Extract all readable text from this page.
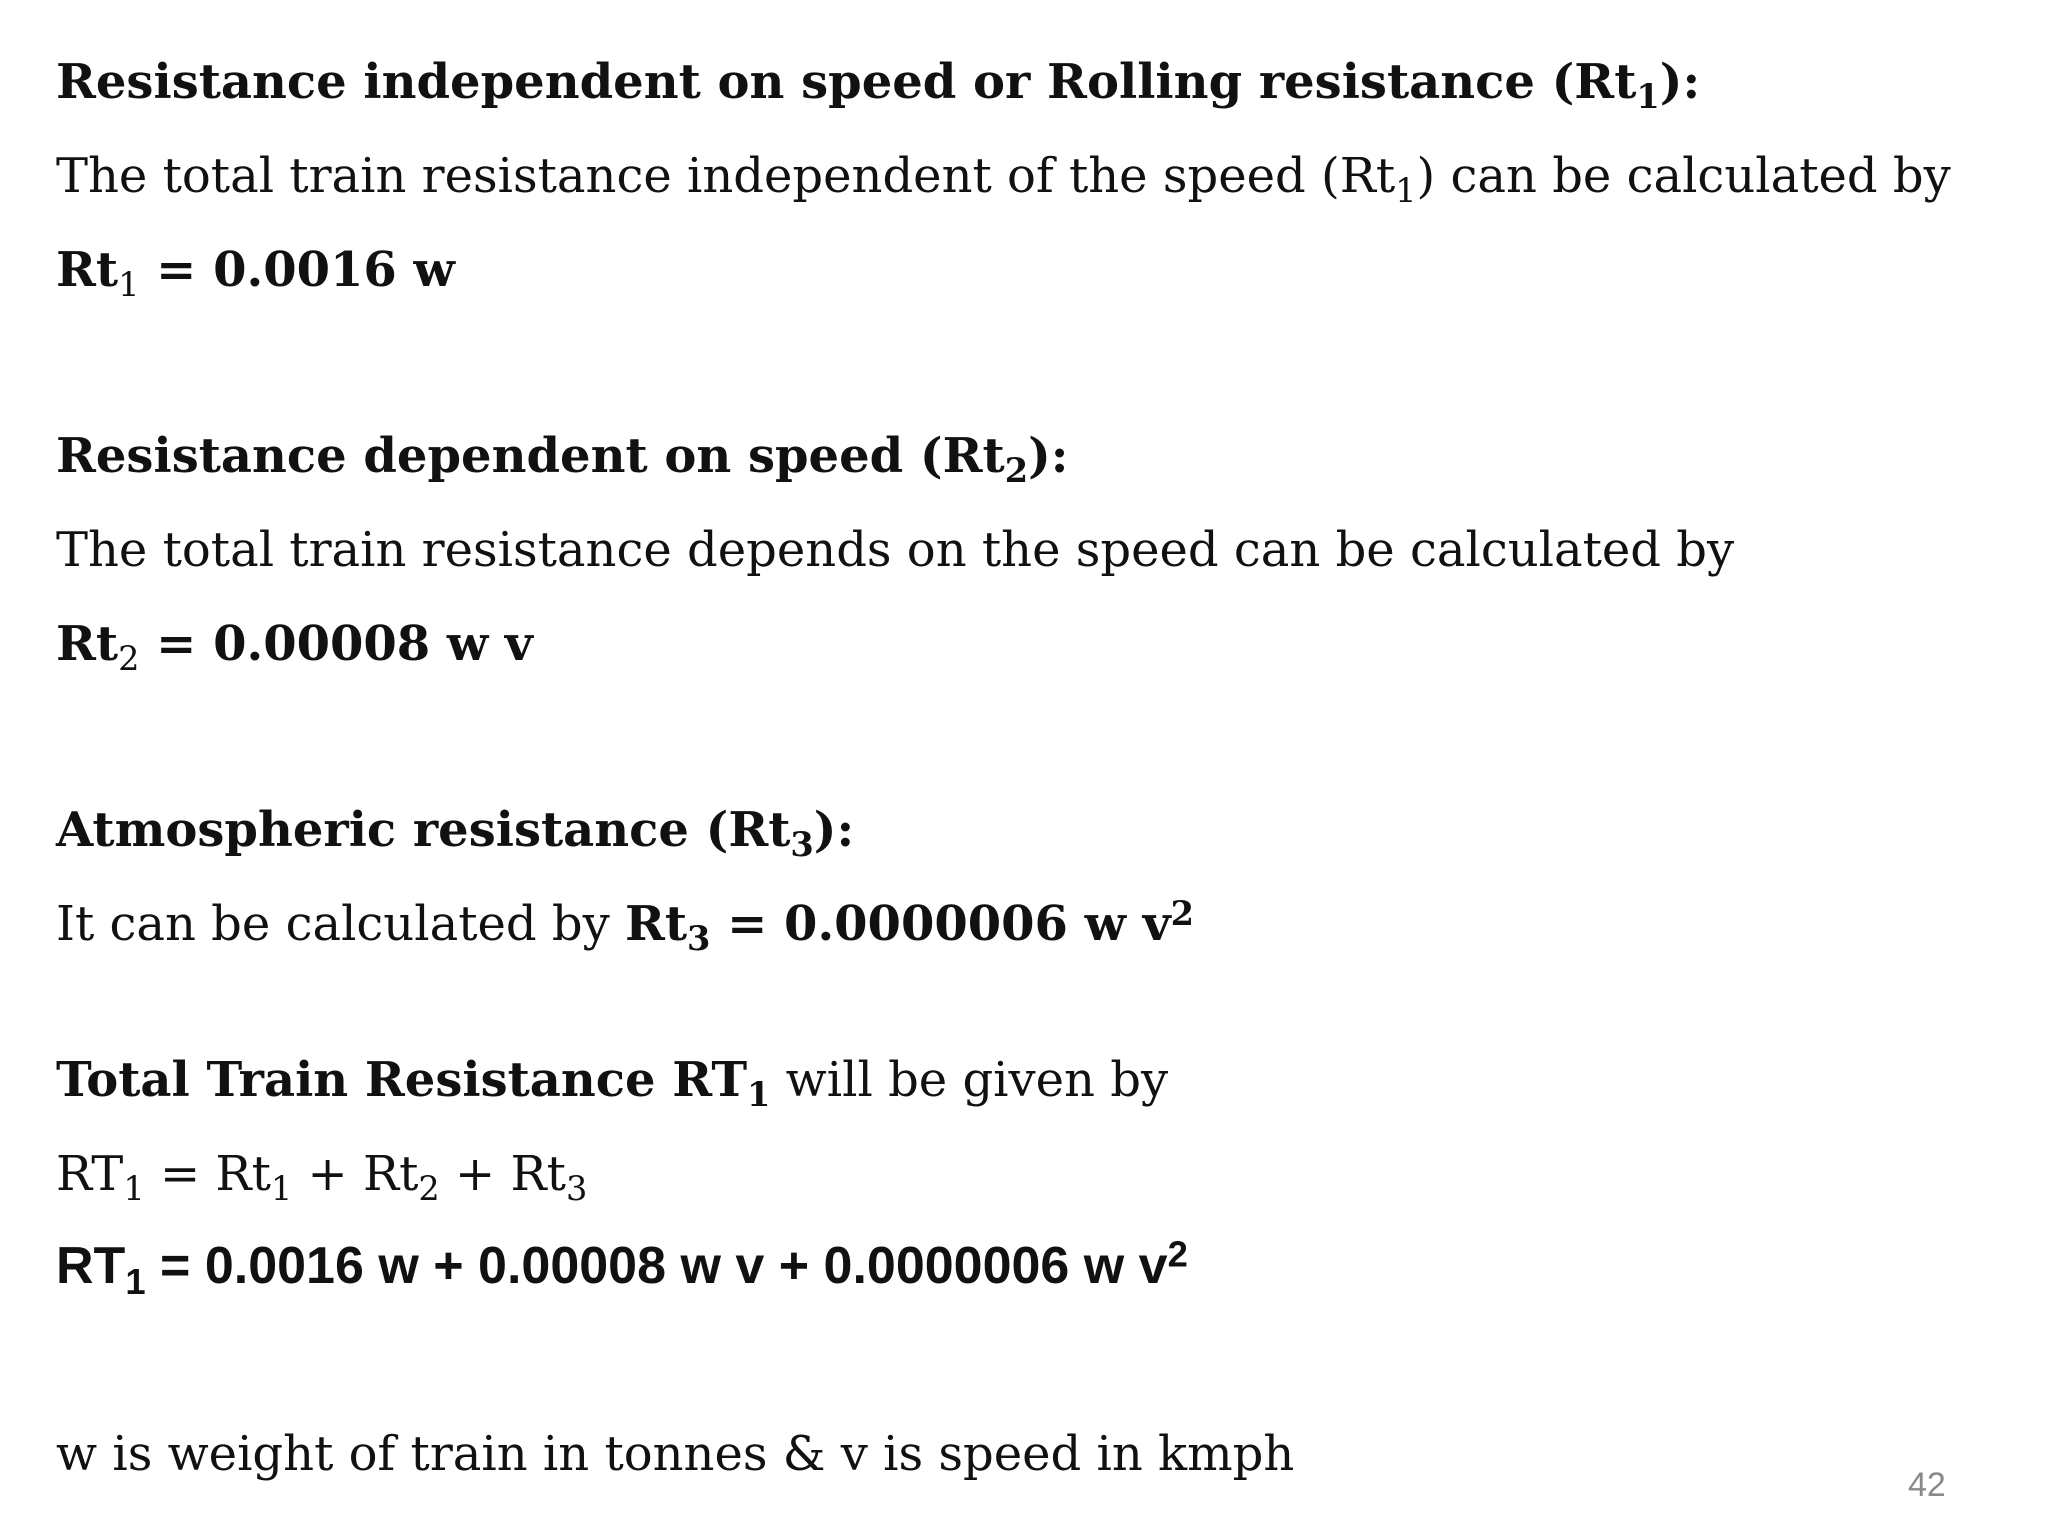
Resistance independent on speed or Rolling resistance $(Rt_1)$:
The total train resistance independent of the speed $(Rt_1)$ can be calculated by
$Rt_1 = 0.0016$ w
Resistance dependent on speed $(Rt_2)$:
The total train resistance depends on the speed can be calculated by
$Rt_2 = 0.00008$ w v
Atmospheric resistance $(Rt_3)$:
It can be calculated by $Rt_3 = 0.0000006$ w $v^2$
Total Train Resistance $RT_1$ will be given by
$RT_1 = Rt_1 + Rt_2 + Rt_3$
$RT_1 = 0.0016$ w + 0.00008 w v + 0.0000006 w $v^2$
w is weight of train in tonnes & v is speed in kmph
42
